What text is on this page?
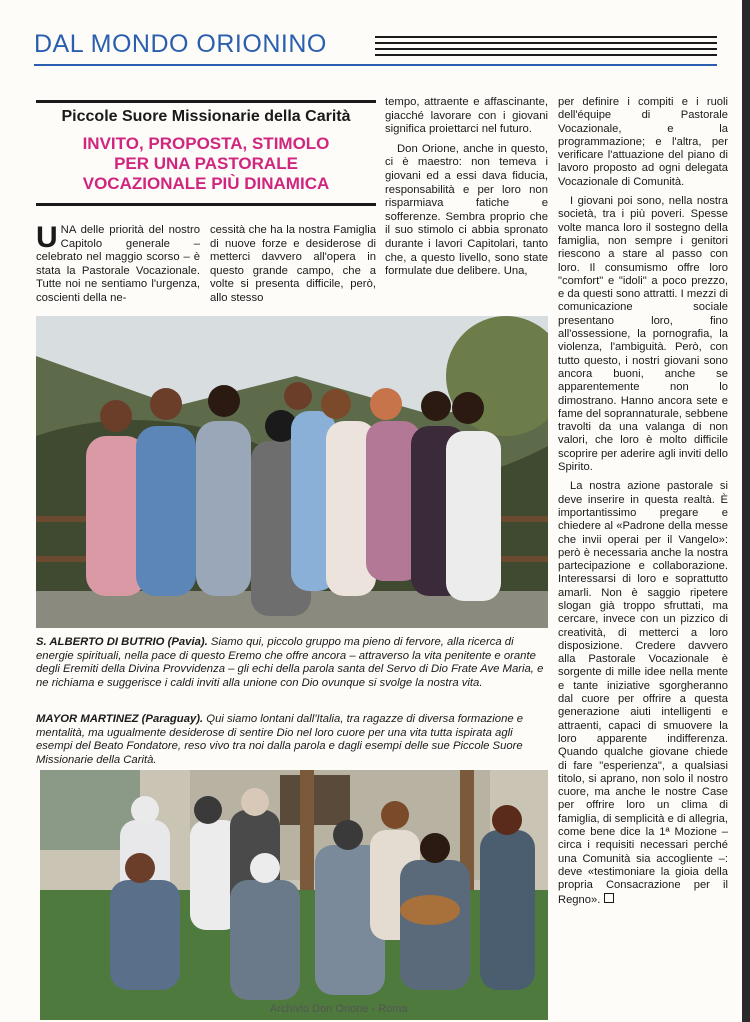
DAL MONDO ORIONINO
Piccole Suore Missionarie della Carità
INVITO, PROPOSTA, STIMOLO
PER UNA PASTORALE
VOCAZIONALE PIÙ DINAMICA

UNA delle priorità del nostro Capitolo generale – celebrato nel maggio scorso – è stata la Pastorale Vocazionale. Tutte noi ne sentiamo l'urgenza, coscienti della ne-

cessità che ha la nostra Famiglia di nuove forze e desiderose di metterci davvero all'opera in questo grande campo, che a volte si presenta difficile, però, allo stesso

tempo, attraente e affascinante, giacché lavorare con i giovani significa proiettarci nel futuro.

Don Orione, anche in questo, ci è maestro: non temeva i giovani ed a essi dava fiducia, responsabilità e per loro non risparmiava fatiche e sofferenze. Sembra proprio che il suo stimolo ci abbia spronato durante i lavori Capitolari, tanto che, a questo livello, sono state formulate due delibere. Una,

per definire i compiti e i ruoli dell'équipe di Pastorale Vocazionale, e la programmazione; e l'altra, per verificare l'attuazione del piano di lavoro proposto ad ogni delegata Vocazionale di Comunità.

I giovani poi sono, nella nostra società, tra i più poveri. Spesse volte manca loro il sostegno della famiglia, non sempre i genitori riescono a stare al passo con loro. Il consumismo offre loro "comfort" e "idoli" a poco prezzo, e da questi sono attratti. I mezzi di comunicazione sociale presentano loro, fino all'ossessione, la pornografia, la violenza, l'ambiguità. Però, con tutto questo, i nostri giovani sono ancora buoni, anche se apparentemente non lo dimostrano. Hanno ancora sete e fame del soprannaturale, sebbene travolti da una valanga di non valori, che loro è molto difficile scoprire per aderire agli inviti dello Spirito.

La nostra azione pastorale si deve inserire in questa realtà. È importantissimo pregare e chiedere al «Padrone della messe che invii operai per il Vangelo»: però è necessaria anche la nostra partecipazione e collaborazione. Interessarsi di loro e soprattutto amarli. Non è saggio ripetere slogan già troppo sfruttati, ma cercare, invece con un pizzico di creatività, di metterci a loro disposizione. Credere davvero alla Pastorale Vocazionale è sorgente di mille idee nella mente e tante iniziative sgorgheranno dal cuore per offrire a questa generazione aiuti intelligenti e attraenti, capaci di smuovere la loro apparente indifferenza. Quando qualche giovane chiede di fare "esperienza", a qualsiasi titolo, si aprano, non solo il nostro cuore, ma anche le nostre Case per offrire loro un clima di famiglia, di semplicità e di allegria, come bene dice la 1ª Mozione – circa i requisiti necessari perché una Comunità sia accogliente –: deve «testimoniare la gioia della propria Consacrazione per il Regno».

S. ALBERTO DI BUTRIO (Pavia). Siamo qui, piccolo gruppo ma pieno di fervore, alla ricerca di energie spirituali, nella pace di questo Eremo che offre ancora – attraverso la vita penitente e orante degli Eremiti della Divina Provvidenza – gli echi della parola santa del Servo di Dio Frate Ave Maria, e ne richiama e suggerisce i caldi inviti alla unione con Dio ovunque si svolge la nostra vita.
MAYOR MARTINEZ (Paraguay). Qui siamo lontani dall'Italia, tra ragazze di diversa formazione e mentalità, ma ugualmente desiderose di sentire Dio nel loro cuore per una vita tutta ispirata agli esempi del Beato Fondatore, reso vivo tra noi dalla parola e dagli esempi delle sue Piccole Suore Missionarie della Carità.
Archivio Don Orione - Roma
